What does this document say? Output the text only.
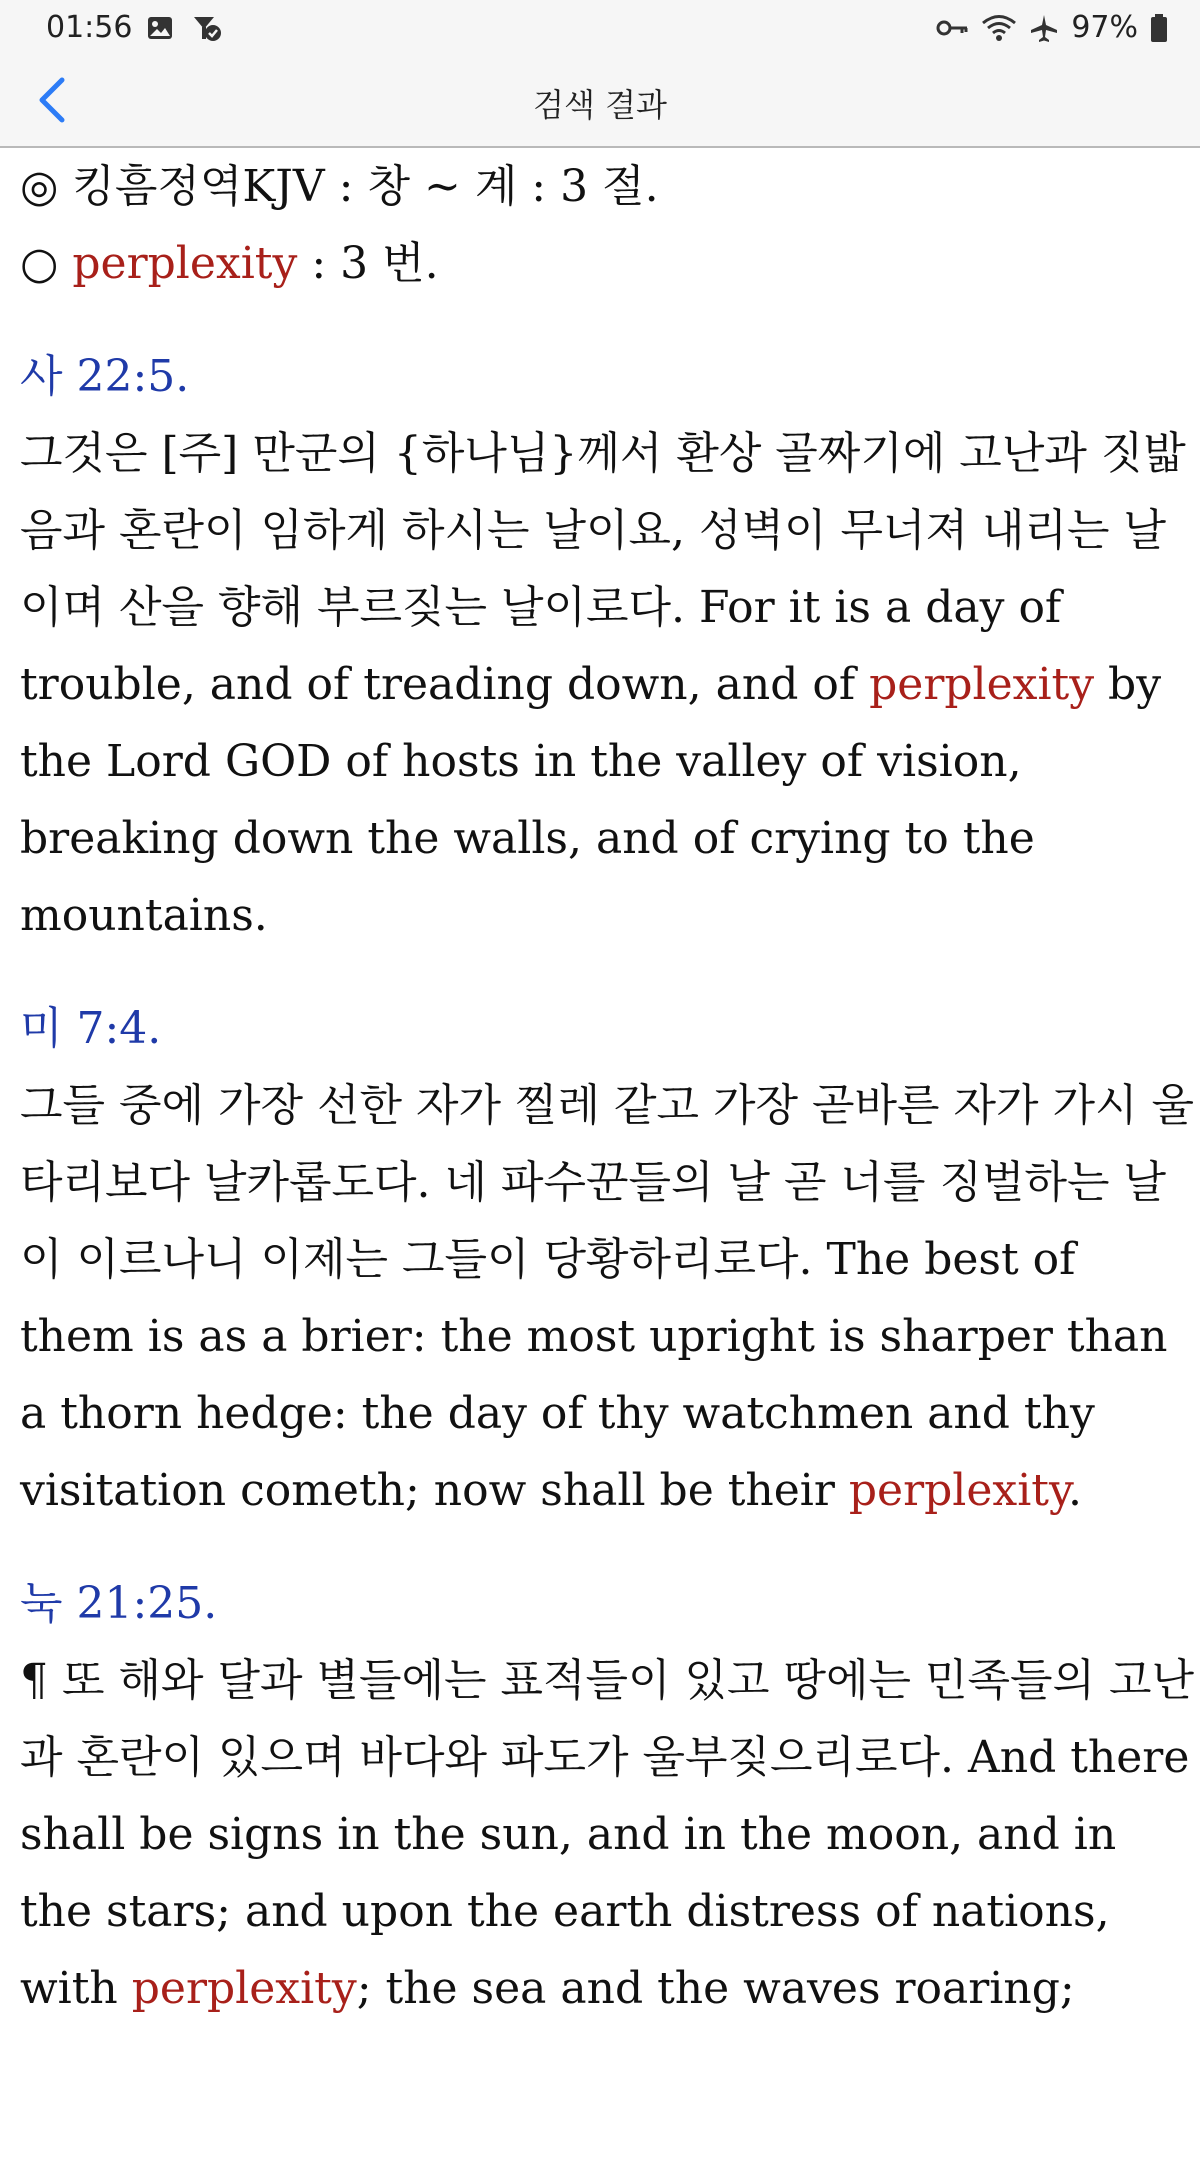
01:56	97%
검색 결과

◎ 킹흠정역KJV : 창 ~ 계 : 3 절.

○ perplexity : 3 번.

사 22:5.

그것은 [주] 만군의 {하나님}께서 환상 골짜기에 고난과 짓밟음과 혼란이 임하게 하시는 날이요, 성벽이 무너져 내리는 날이며 산을 향해 부르짖는 날이로다. For it is a day of trouble, and of treading down, and of perplexity by the Lord GOD of hosts in the valley of vision, breaking down the walls, and of crying to the mountains.

미 7:4.

그들 중에 가장 선한 자가 찔레 같고 가장 곧바른 자가 가시 울타리보다 날카롭도다. 네 파수꾼들의 날 곧 너를 징벌하는 날이 이르나니 이제는 그들이 당황하리로다. The best of them is as a brier: the most upright is sharper than a thorn hedge: the day of thy watchmen and thy visitation cometh; now shall be their perplexity.

눅 21:25.

¶ 또 해와 달과 별들에는 표적들이 있고 땅에는 민족들의 고난과 혼란이 있으며 바다와 파도가 울부짖으리로다. And there shall be signs in the sun, and in the moon, and in the stars; and upon the earth distress of nations, with perplexity; the sea and the waves roaring;
